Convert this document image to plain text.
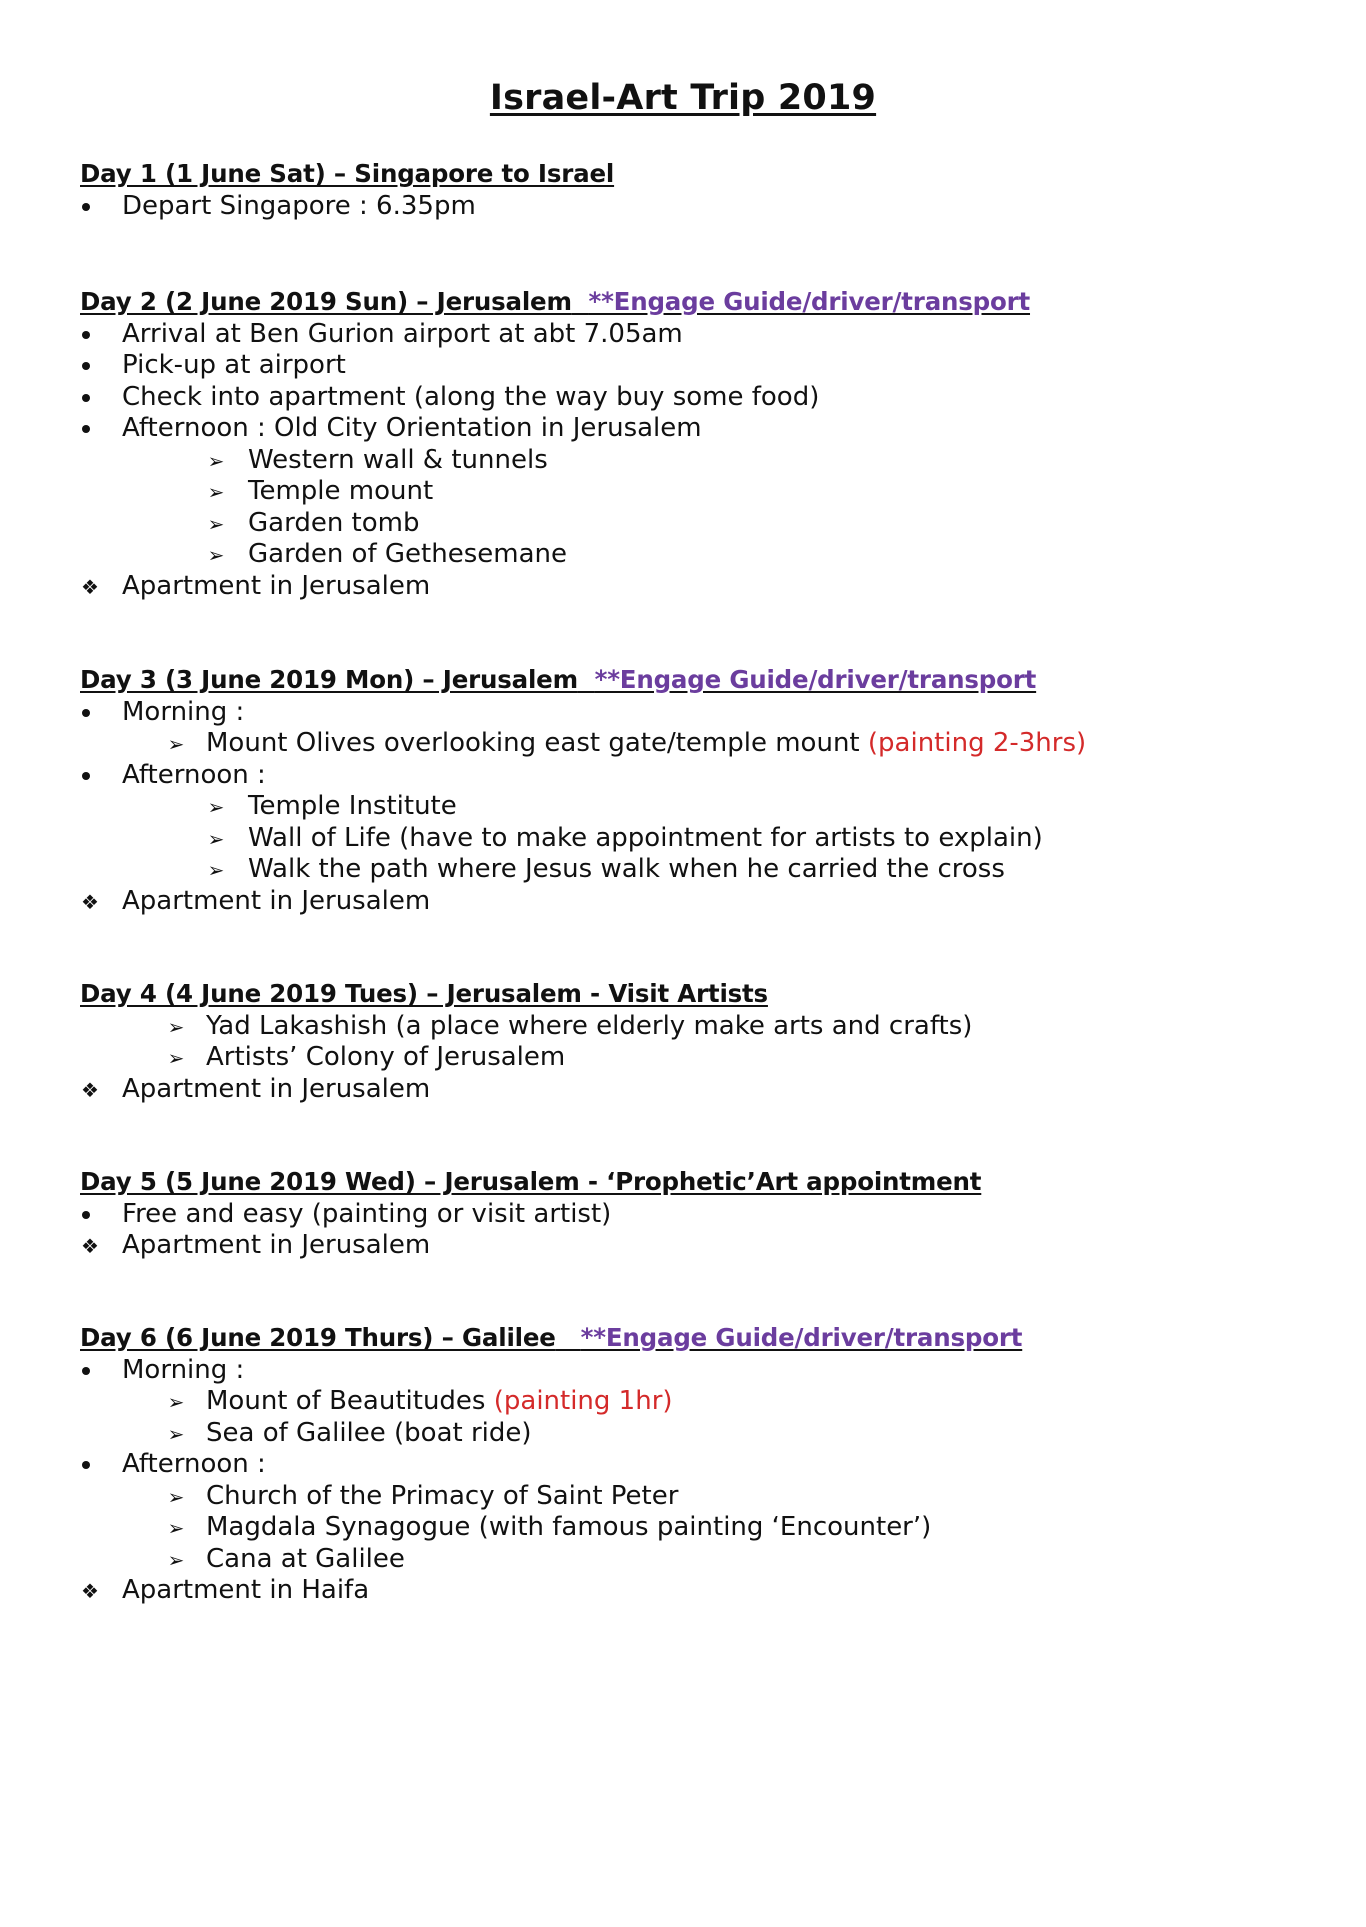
Israel-Art Trip 2019
Day 1 (1 June Sat) – Singapore to Israel
Depart Singapore : 6.35pm
Day 2 (2 June 2019 Sun) – Jerusalem **Engage Guide/driver/transport
Arrival at Ben Gurion airport at abt 7.05am
Pick-up at airport
Check into apartment (along the way buy some food)
Afternoon : Old City Orientation in Jerusalem
➢
Western wall & tunnels
➢
Temple mount
➢
Garden tomb
➢
Garden of Gethesemane
❖
Apartment in Jerusalem
Day 3 (3 June 2019 Mon) – Jerusalem **Engage Guide/driver/transport
Morning :
➢
Mount Olives overlooking east gate/temple mount (painting 2-3hrs)
Afternoon :
➢
Temple Institute
➢
Wall of Life (have to make appointment for artists to explain)
➢
Walk the path where Jesus walk when he carried the cross
❖
Apartment in Jerusalem
Day 4 (4 June 2019 Tues) – Jerusalem - Visit Artists
➢
Yad Lakashish (a place where elderly make arts and crafts)
➢
Artists’ Colony of Jerusalem
❖
Apartment in Jerusalem
Day 5 (5 June 2019 Wed) – Jerusalem - ‘Prophetic’Art appointment
Free and easy (painting or visit artist)
❖
Apartment in Jerusalem
Day 6 (6 June 2019 Thurs) – Galilee **Engage Guide/driver/transport
Morning :
➢
Mount of Beautitudes (painting 1hr)
➢
Sea of Galilee (boat ride)
Afternoon :
➢
Church of the Primacy of Saint Peter
➢
Magdala Synagogue (with famous painting ‘Encounter’)
➢
Cana at Galilee
❖
Apartment in Haifa
